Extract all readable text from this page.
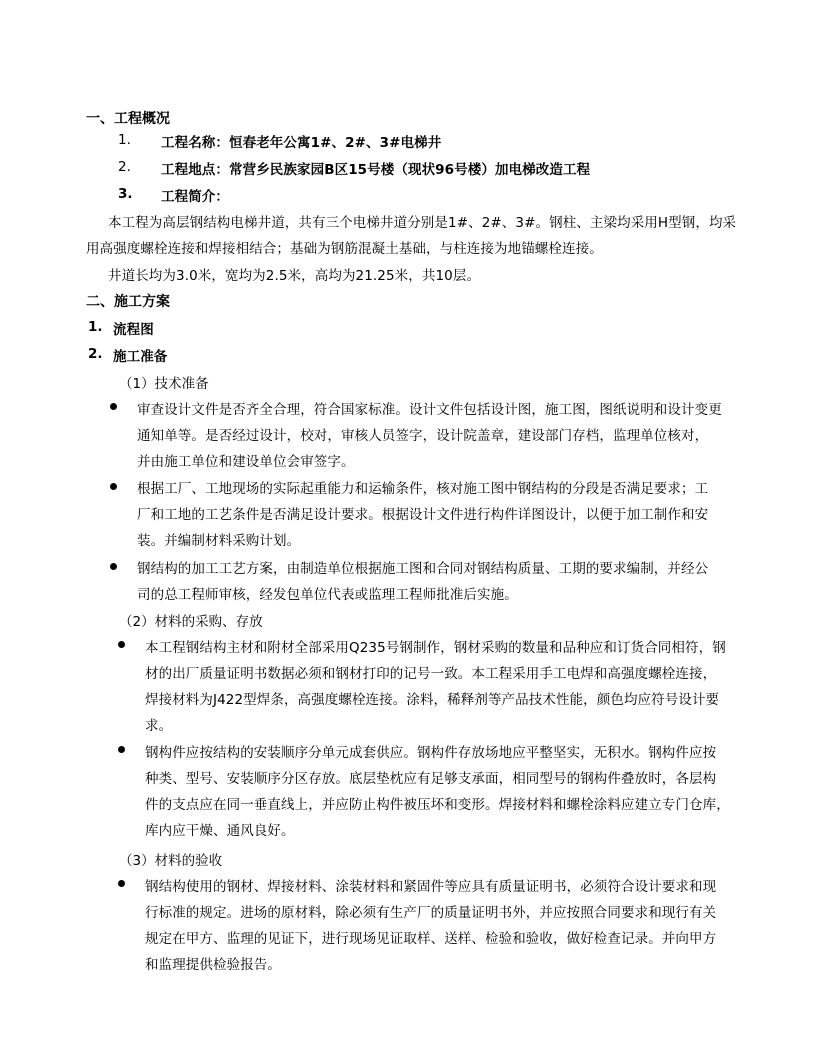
一、工程概况
1. 工程名称：恒春老年公寓1#、2#、3#电梯井
2. 工程地点：常营乡民族家园B区15号楼（现状96号楼）加电梯改造工程
3. 工程简介：
本工程为高层钢结构电梯井道，共有三个电梯井道分别是1#、2#、3#。钢柱、主梁均采用H型钢，均采
用高强度螺栓连接和焊接相结合；基础为钢筋混凝土基础，与柱连接为地锚螺栓连接。
井道长均为3.0米，宽均为2.5米，高均为21.25米，共10层。
二、施工方案
1. 流程图
2. 施工准备
（1）技术准备
审查设计文件是否齐全合理，符合国家标准。设计文件包括设计图，施工图，图纸说明和设计变更
通知单等。是否经过设计，校对，审核人员签字，设计院盖章，建设部门存档，监理单位核对，
并由施工单位和建设单位会审签字。
根据工厂、工地现场的实际起重能力和运输条件，核对施工图中钢结构的分段是否满足要求；工
厂和工地的工艺条件是否满足设计要求。根据设计文件进行构件详图设计，以便于加工制作和安
装。并编制材料采购计划。
钢结构的加工工艺方案，由制造单位根据施工图和合同对钢结构质量、工期的要求编制，并经公
司的总工程师审核，经发包单位代表或监理工程师批准后实施。
（2）材料的采购、存放
本工程钢结构主材和附材全部采用Q235号钢制作，钢材采购的数量和品种应和订货合同相符，钢
材的出厂质量证明书数据必须和钢材打印的记号一致。本工程采用手工电焊和高强度螺栓连接，
焊接材料为J422型焊条，高强度螺栓连接。涂料，稀释剂等产品技术性能，颜色均应符号设计要
求。
钢构件应按结构的安装顺序分单元成套供应。钢构件存放场地应平整坚实，无积水。钢构件应按
种类、型号、安装顺序分区存放。底层垫枕应有足够支承面，相同型号的钢构件叠放时，各层构
件的支点应在同一垂直线上，并应防止构件被压坏和变形。焊接材料和螺栓涂料应建立专门仓库，
库内应干燥、通风良好。
（3）材料的验收
钢结构使用的钢材、焊接材料、涂装材料和紧固件等应具有质量证明书，必须符合设计要求和现
行标准的规定。进场的原材料，除必须有生产厂的质量证明书外，并应按照合同要求和现行有关
规定在甲方、监理的见证下，进行现场见证取样、送样、检验和验收，做好检查记录。并向甲方
和监理提供检验报告。
